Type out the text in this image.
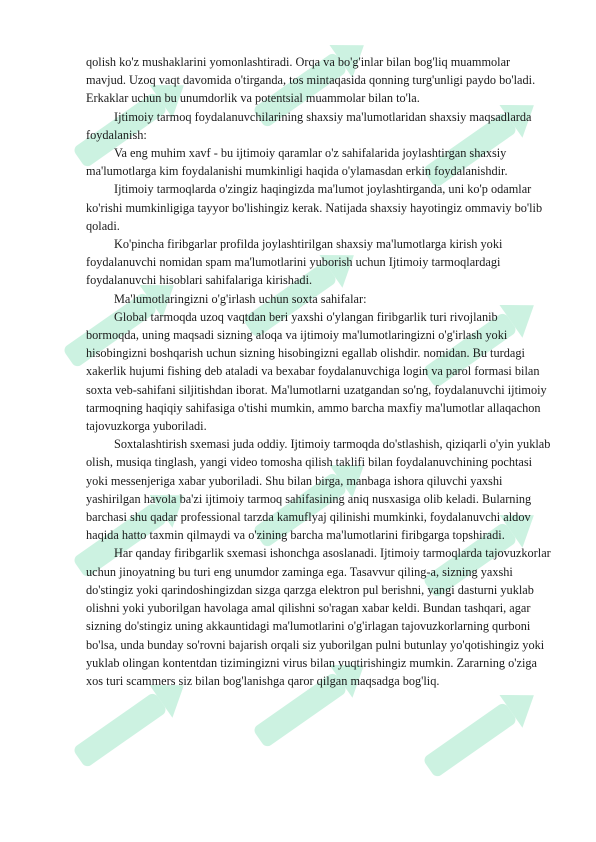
qolish ko'z mushaklarini yomonlashtiradi. Orqa va bo'g'inlar bilan bog'liq muammolar mavjud. Uzoq vaqt davomida o'tirganda, tos mintaqasida qonning turg'unligi paydo bo'ladi. Erkaklar uchun bu unumdorlik va potentsial muammolar bilan to'la.

Ijtimoiy tarmoq foydalanuvchilarining shaxsiy ma'lumotlaridan shaxsiy maqsadlarda foydalanish:

Va eng muhim xavf - bu ijtimoiy qaramlar o'z sahifalarida joylashtirgan shaxsiy ma'lumotlarga kim foydalanishi mumkinligi haqida o'ylamasdan erkin foydalanishdir.

Ijtimoiy tarmoqlarda o'zingiz haqingizda ma'lumot joylashtirganda, uni ko'p odamlar ko'rishi mumkinligiga tayyor bo'lishingiz kerak. Natijada shaxsiy hayotingiz ommaviy bo'lib qoladi.

Ko'pincha firibgarlar profilda joylashtirilgan shaxsiy ma'lumotlarga kirish yoki foydalanuvchi nomidan spam ma'lumotlarini yuborish uchun Ijtimoiy tarmoqlardagi foydalanuvchi hisoblari sahifalariga kirishadi.

Ma'lumotlaringizni o'g'irlash uchun soxta sahifalar:

Global tarmoqda uzoq vaqtdan beri yaxshi o'ylangan firibgarlik turi rivojlanib bormoqda, uning maqsadi sizning aloqa va ijtimoiy ma'lumotlaringizni o'g'irlash yoki hisobingizni boshqarish uchun sizning hisobingizni egallab olishdir. nomidan. Bu turdagi xakerlik hujumi fishing deb ataladi va bexabar foydalanuvchiga login va parol formasi bilan soxta veb-sahifani siljitishdan iborat. Ma'lumotlarni uzatgandan so'ng, foydalanuvchi ijtimoiy tarmoqning haqiqiy sahifasiga o'tishi mumkin, ammo barcha maxfiy ma'lumotlar allaqachon tajovuzkorga yuboriladi.

Soxtalashtirish sxemasi juda oddiy. Ijtimoiy tarmoqda do'stlashish, qiziqarli o'yin yuklab olish, musiqa tinglash, yangi video tomosha qilish taklifi bilan foydalanuvchining pochtasi yoki messenjeriga xabar yuboriladi. Shu bilan birga, manbaga ishora qiluvchi yaxshi yashirilgan havola ba'zi ijtimoiy tarmoq sahifasining aniq nusxasiga olib keladi. Bularning barchasi shu qadar professional tarzda kamuflyaj qilinishi mumkinki, foydalanuvchi aldov haqida hatto taxmin qilmaydi va o'zining barcha ma'lumotlarini firibgarga topshiradi.

Har qanday firibgarlik sxemasi ishonchga asoslanadi. Ijtimoiy tarmoqlarda tajovuzkorlar uchun jinoyatning bu turi eng unumdor zaminga ega. Tasavvur qiling-a, sizning yaxshi do'stingiz yoki qarindoshingizdan sizga qarzga elektron pul berishni, yangi dasturni yuklab olishni yoki yuborilgan havolaga amal qilishni so'ragan xabar keldi. Bundan tashqari, agar sizning do'stingiz uning akkauntidagi ma'lumotlarini o'g'irlagan tajovuzkorlarning qurboni bo'lsa, unda bunday so'rovni bajarish orqali siz yuborilgan pulni butunlay yo'qotishingiz yoki yuklab olingan kontentdan tizimingizni virus bilan yuqtirishingiz mumkin. Zararning o'ziga xos turi scammers siz bilan bog'lanishga qaror qilgan maqsadga bog'liq.
